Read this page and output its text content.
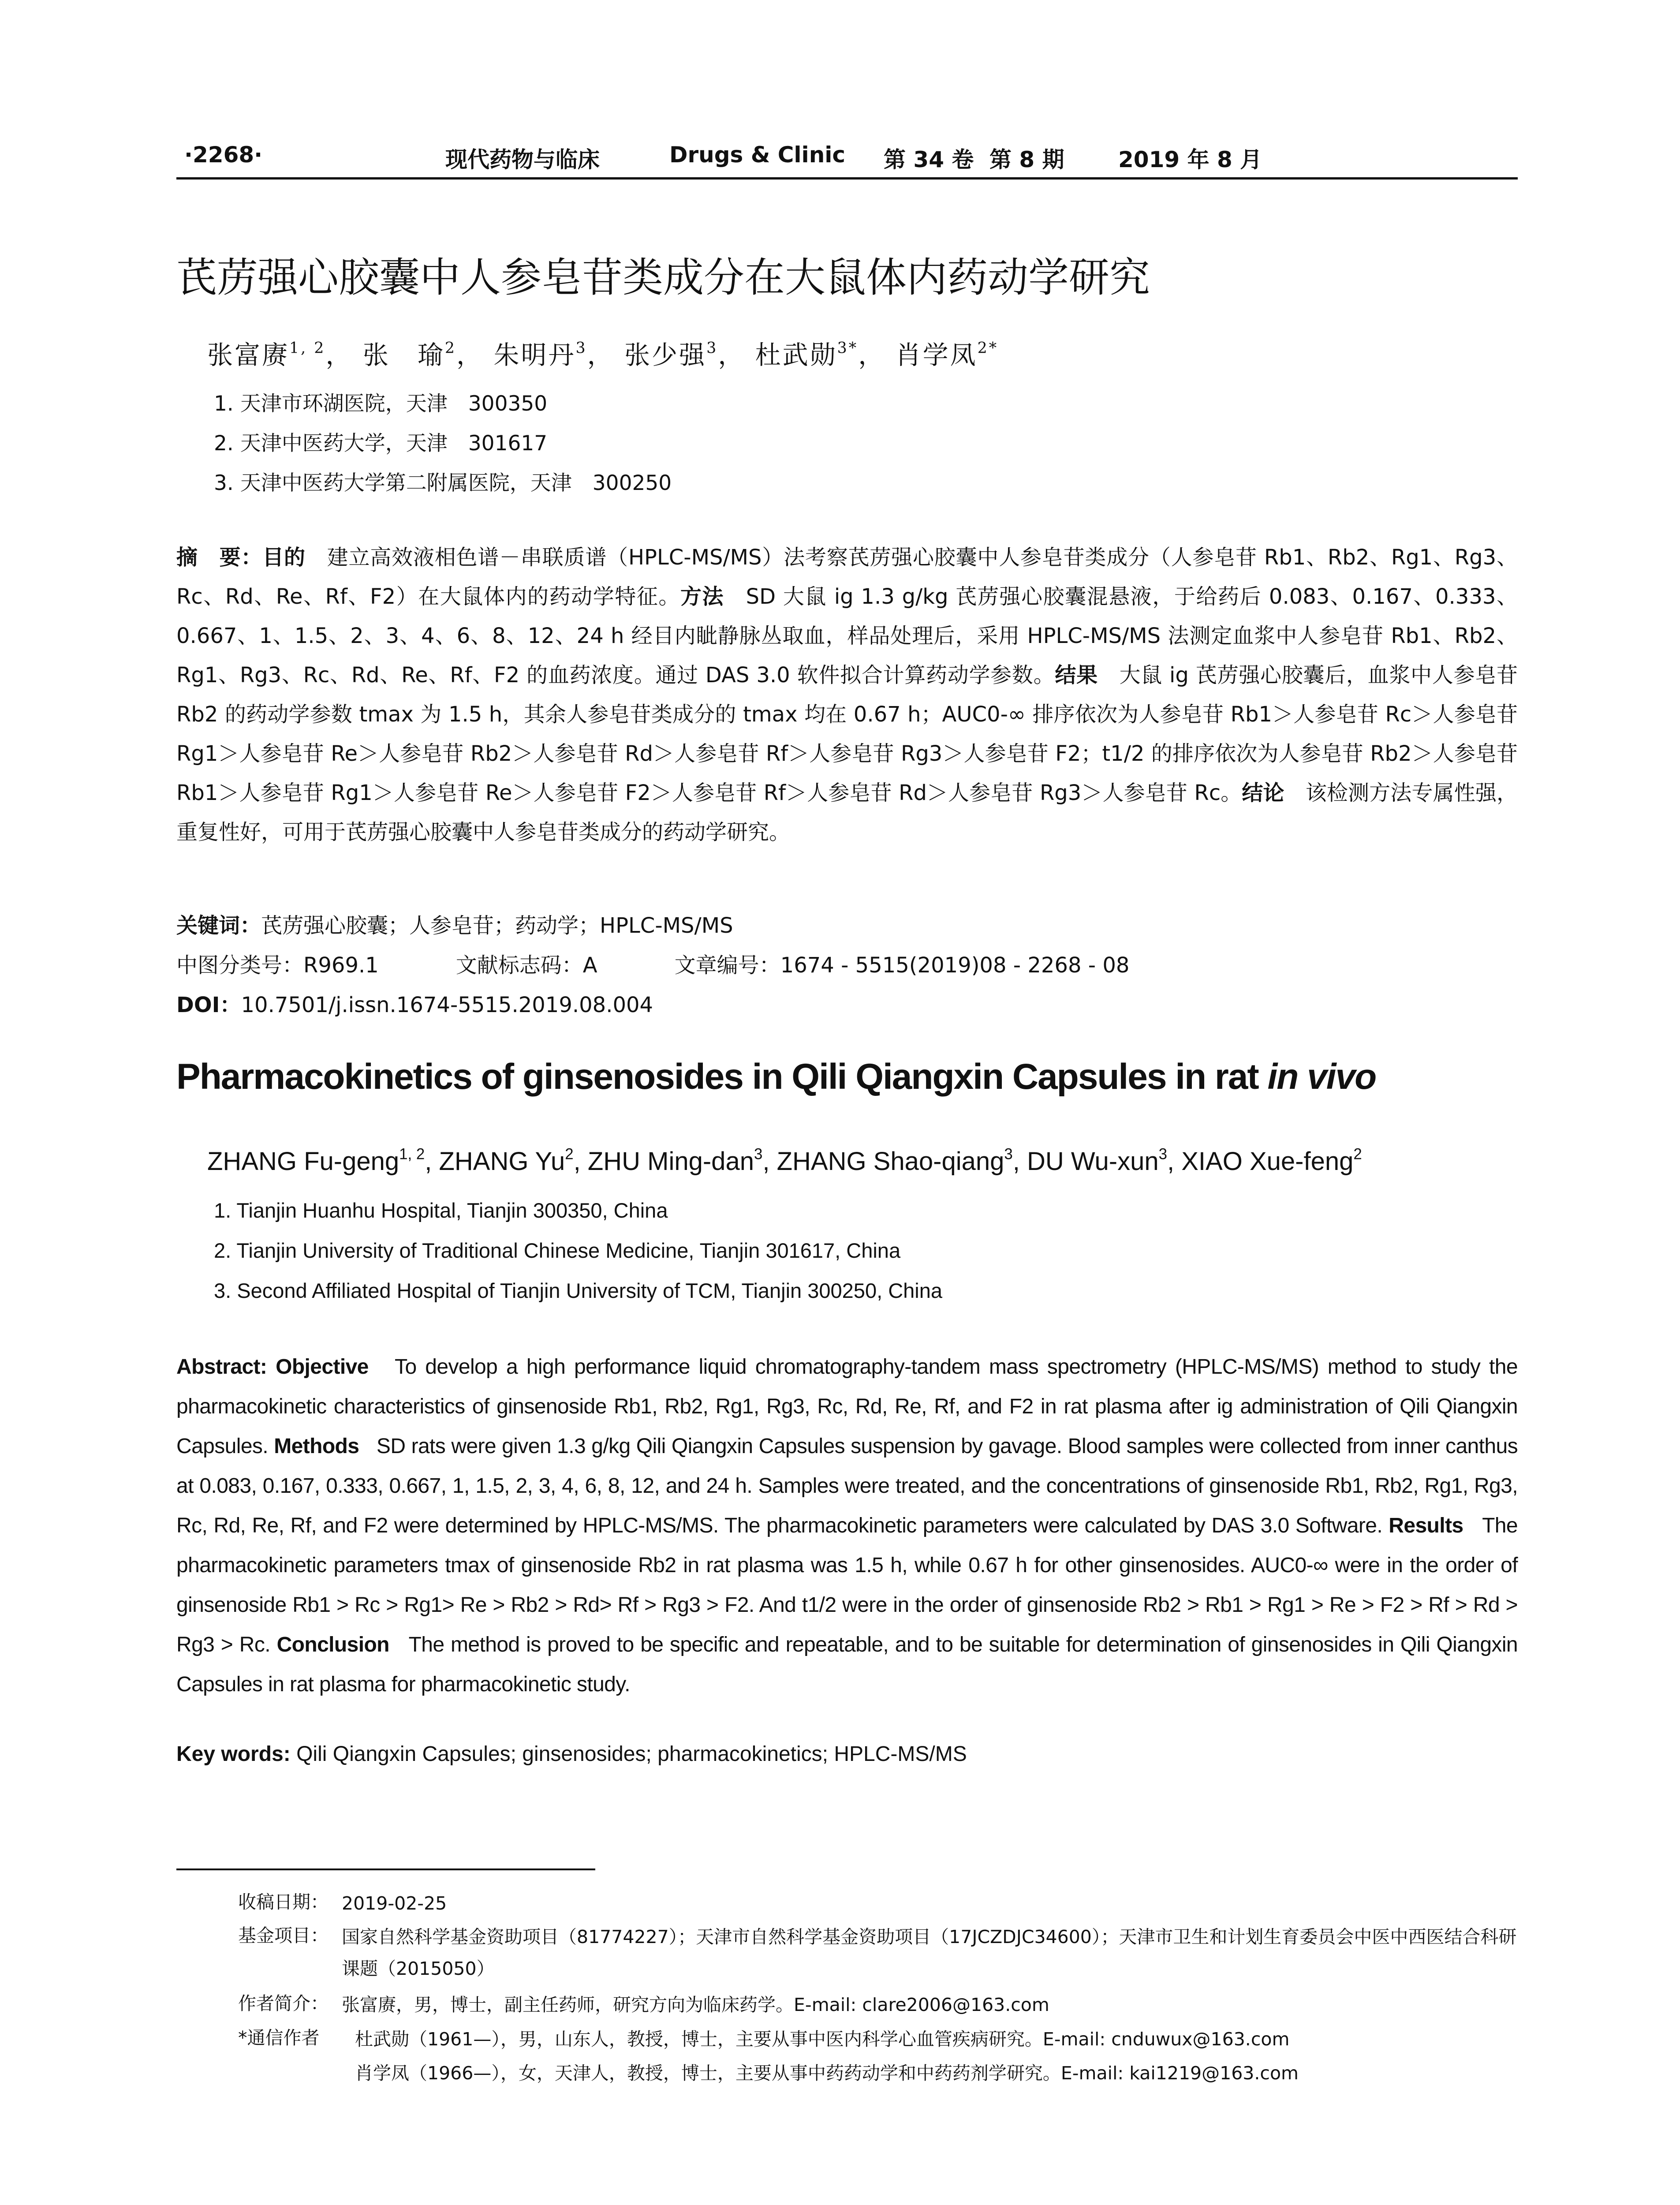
·2268·	现代药物与临床	Drugs & Clinic 第 34 卷 第 8 期 2019 年 8 月
芪苈强心胶囊中人参皂苷类成分在大鼠体内药动学研究
张富赓$^{1, 2}$， 张　瑜$^2$， 朱明丹$^3$， 张少强$^3$， 杜武勋$^{3*}$， 肖学凤$^{2*}$
1. 天津市环湖医院，天津　300350
2. 天津中医药大学，天津　301617
3. 天津中医药大学第二附属医院，天津　300250
摘　要：目的　 建立高效液相色谱－串联质谱（HPLC-MS/MS）法考察芪苈强心胶囊中人参皂苷类成分（人参皂苷 Rb1、Rb2、Rg1、Rg3、Rc、Rd、Re、Rf、F2）在大鼠体内的药动学特征。方法　 SD 大鼠 ig 1.3 g/kg 芪苈强心胶囊混悬液，于给药后 0.083、0.167、0.333、0.667、1、1.5、2、3、4、6、8、12、24 h 经目内眦静脉丛取血，样品处理后，采用 HPLC-MS/MS 法测定血浆中人参皂苷 Rb1、Rb2、Rg1、Rg3、Rc、Rd、Re、Rf、F2 的血药浓度。通过 DAS 3.0 软件拟合计算药动学参数。结果　 大鼠 ig 芪苈强心胶囊后，血浆中人参皂苷 Rb2 的药动学参数 tmax 为 1.5 h，其余人参皂苷类成分的 tmax 均在 0.67 h；AUC0-∞ 排序依次为人参皂苷 Rb1＞人参皂苷 Rc＞人参皂苷 Rg1＞人参皂苷 Re＞人参皂苷 Rb2＞人参皂苷 Rd＞人参皂苷 Rf＞人参皂苷 Rg3＞人参皂苷 F2；t1/2 的排序依次为人参皂苷 Rb2＞人参皂苷 Rb1＞人参皂苷 Rg1＞人参皂苷 Re＞人参皂苷 F2＞人参皂苷 Rf＞人参皂苷 Rd＞人参皂苷 Rg3＞人参皂苷 Rc。结论　 该检测方法专属性强，重复性好，可用于芪苈强心胶囊中人参皂苷类成分的药动学研究。
关键词：芪苈强心胶囊；人参皂苷；药动学；HPLC-MS/MS
中图分类号：R969.1	文献标志码：A	文章编号：1674 - 5515(2019)08 - 2268 - 08
DOI：10.7501/j.issn.1674-5515.2019.08.004
Pharmacokinetics of ginsenosides in Qili Qiangxin Capsules in rat in vivo
ZHANG Fu-geng$^{1, 2}$, ZHANG Yu$^2$, ZHU Ming-dan$^3$, ZHANG Shao-qiang$^3$, DU Wu-xun$^3$, XIAO Xue-feng$^2$
1. Tianjin Huanhu Hospital, Tianjin 300350, China
2. Tianjin University of Traditional Chinese Medicine, Tianjin 301617, China
3. Second Affiliated Hospital of Tianjin University of TCM, Tianjin 300250, China
Abstract: Objective To develop a high performance liquid chromatography-tandem mass spectrometry (HPLC-MS/MS) method to study the pharmacokinetic characteristics of ginsenoside Rb1, Rb2, Rg1, Rg3, Rc, Rd, Re, Rf, and F2 in rat plasma after ig administration of Qili Qiangxin Capsules. Methods SD rats were given 1.3 g/kg Qili Qiangxin Capsules suspension by gavage. Blood samples were collected from inner canthus at 0.083, 0.167, 0.333, 0.667, 1, 1.5, 2, 3, 4, 6, 8, 12, and 24 h. Samples were treated, and the concentrations of ginsenoside Rb1, Rb2, Rg1, Rg3, Rc, Rd, Re, Rf, and F2 were determined by HPLC-MS/MS. The pharmacokinetic parameters were calculated by DAS 3.0 Software. Results The pharmacokinetic parameters tmax of ginsenoside Rb2 in rat plasma was 1.5 h, while 0.67 h for other ginsenosides. AUC0-∞ were in the order of ginsenoside Rb1 > Rc > Rg1> Re > Rb2 > Rd> Rf > Rg3 > F2. And t1/2 were in the order of ginsenoside Rb2 > Rb1 > Rg1 > Re > F2 > Rf > Rd > Rg3 > Rc. Conclusion The method is proved to be specific and repeatable, and to be suitable for determination of ginsenosides in Qili Qiangxin Capsules in rat plasma for pharmacokinetic study.
Key words: Qili Qiangxin Capsules; ginsenosides; pharmacokinetics; HPLC-MS/MS
收稿日期： 2019-02-25
基金项目： 国家自然科学基金资助项目（81774227）；天津市自然科学基金资助项目（17JCZDJC34600）；天津市卫生和计划生育委员会中医中西医结合科研课题（2015050）
作者简介： 张富赓，男，博士，副主任药师，研究方向为临床药学。E-mail: clare2006@163.com
*通信作者 杜武勋（1961—），男，山东人，教授，博士，主要从事中医内科学心血管疾病研究。E-mail: cnduwux@163.com
肖学凤（1966—），女，天津人，教授，博士，主要从事中药药动学和中药药剂学研究。E-mail: kai1219@163.com
